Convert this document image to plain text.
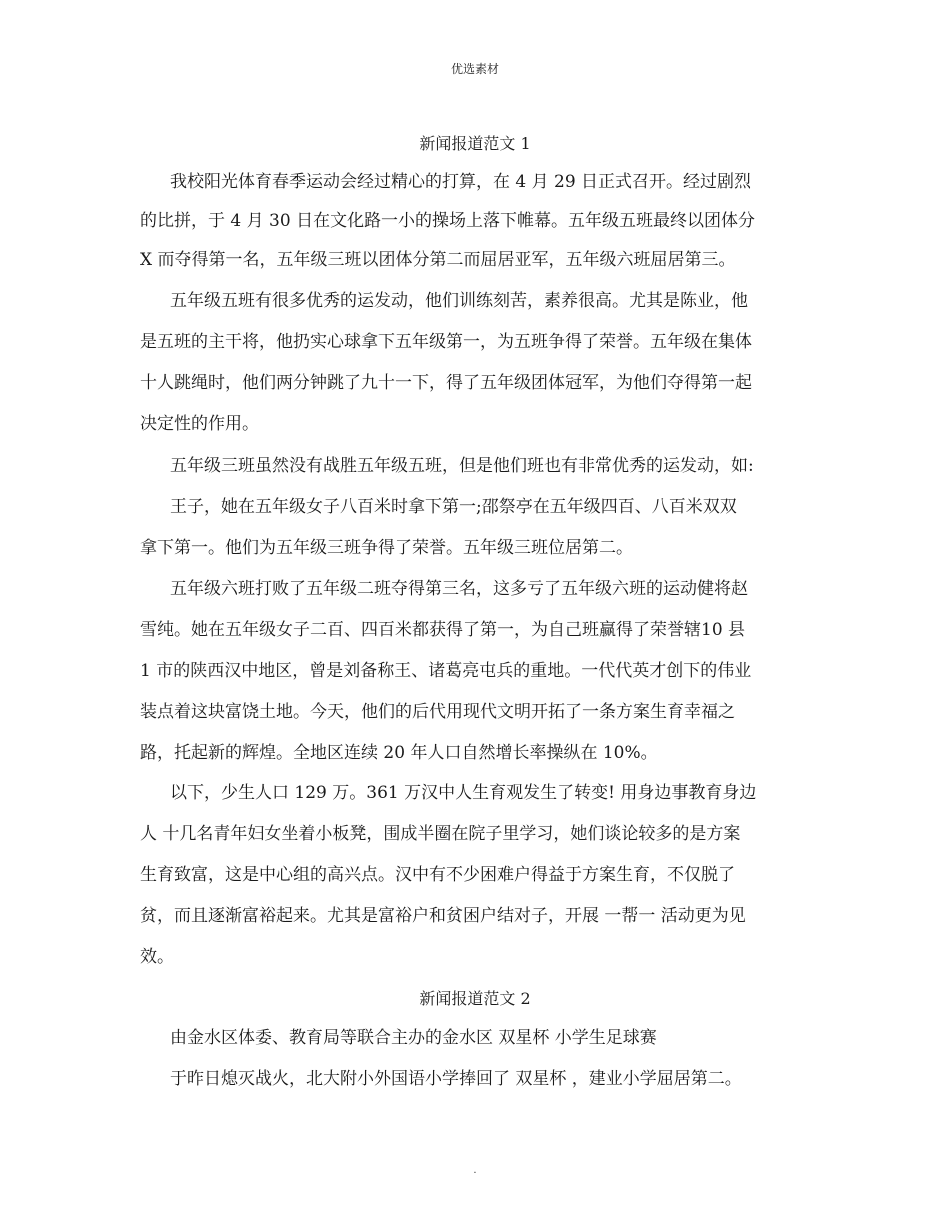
优选素材
新闻报道范文 1
我校阳光体育春季运动会经过精心的打算，在 4 月 29 日正式召开。经过剧烈
的比拼，于 4 月 30 日在文化路一小的操场上落下帷幕。五年级五班最终以团体分
X 而夺得第一名，五年级三班以团体分第二而屈居亚军，五年级六班屈居第三。
五年级五班有很多优秀的运发动，他们训练刻苦，素养很高。尤其是陈业，他
是五班的主干将，他扔实心球拿下五年级第一，为五班争得了荣誉。五年级在集体
十人跳绳时，他们两分钟跳了九十一下，得了五年级团体冠军，为他们夺得第一起
决定性的作用。
五年级三班虽然没有战胜五年级五班，但是他们班也有非常优秀的运发动，如:
王子，她在五年级女子八百米时拿下第一;邵祭亭在五年级四百、八百米双双
拿下第一。他们为五年级三班争得了荣誉。五年级三班位居第二。
五年级六班打败了五年级二班夺得第三名，这多亏了五年级六班的运动健将赵
雪纯。她在五年级女子二百、四百米都获得了第一，为自己班赢得了荣誉辖10 县
1 市的陕西汉中地区，曾是刘备称王、诸葛亮屯兵的重地。一代代英才创下的伟业
装点着这块富饶土地。今天，他们的后代用现代文明开拓了一条方案生育幸福之
路，托起新的辉煌。全地区连续 20 年人口自然增长率操纵在 10%。
以下，少生人口 129 万。361 万汉中人生育观发生了转变! 用身边事教育身边
人 十几名青年妇女坐着小板凳，围成半圈在院子里学习，她们谈论较多的是方案
生育致富，这是中心组的高兴点。汉中有不少困难户得益于方案生育，不仅脱了
贫，而且逐渐富裕起来。尤其是富裕户和贫困户结对子，开展 一帮一 活动更为见
效。
新闻报道范文 2
由金水区体委、教育局等联合主办的金水区 双星杯 小学生足球赛
于昨日熄灭战火，北大附小外国语小学捧回了 双星杯 ，建业小学屈居第二。
.
